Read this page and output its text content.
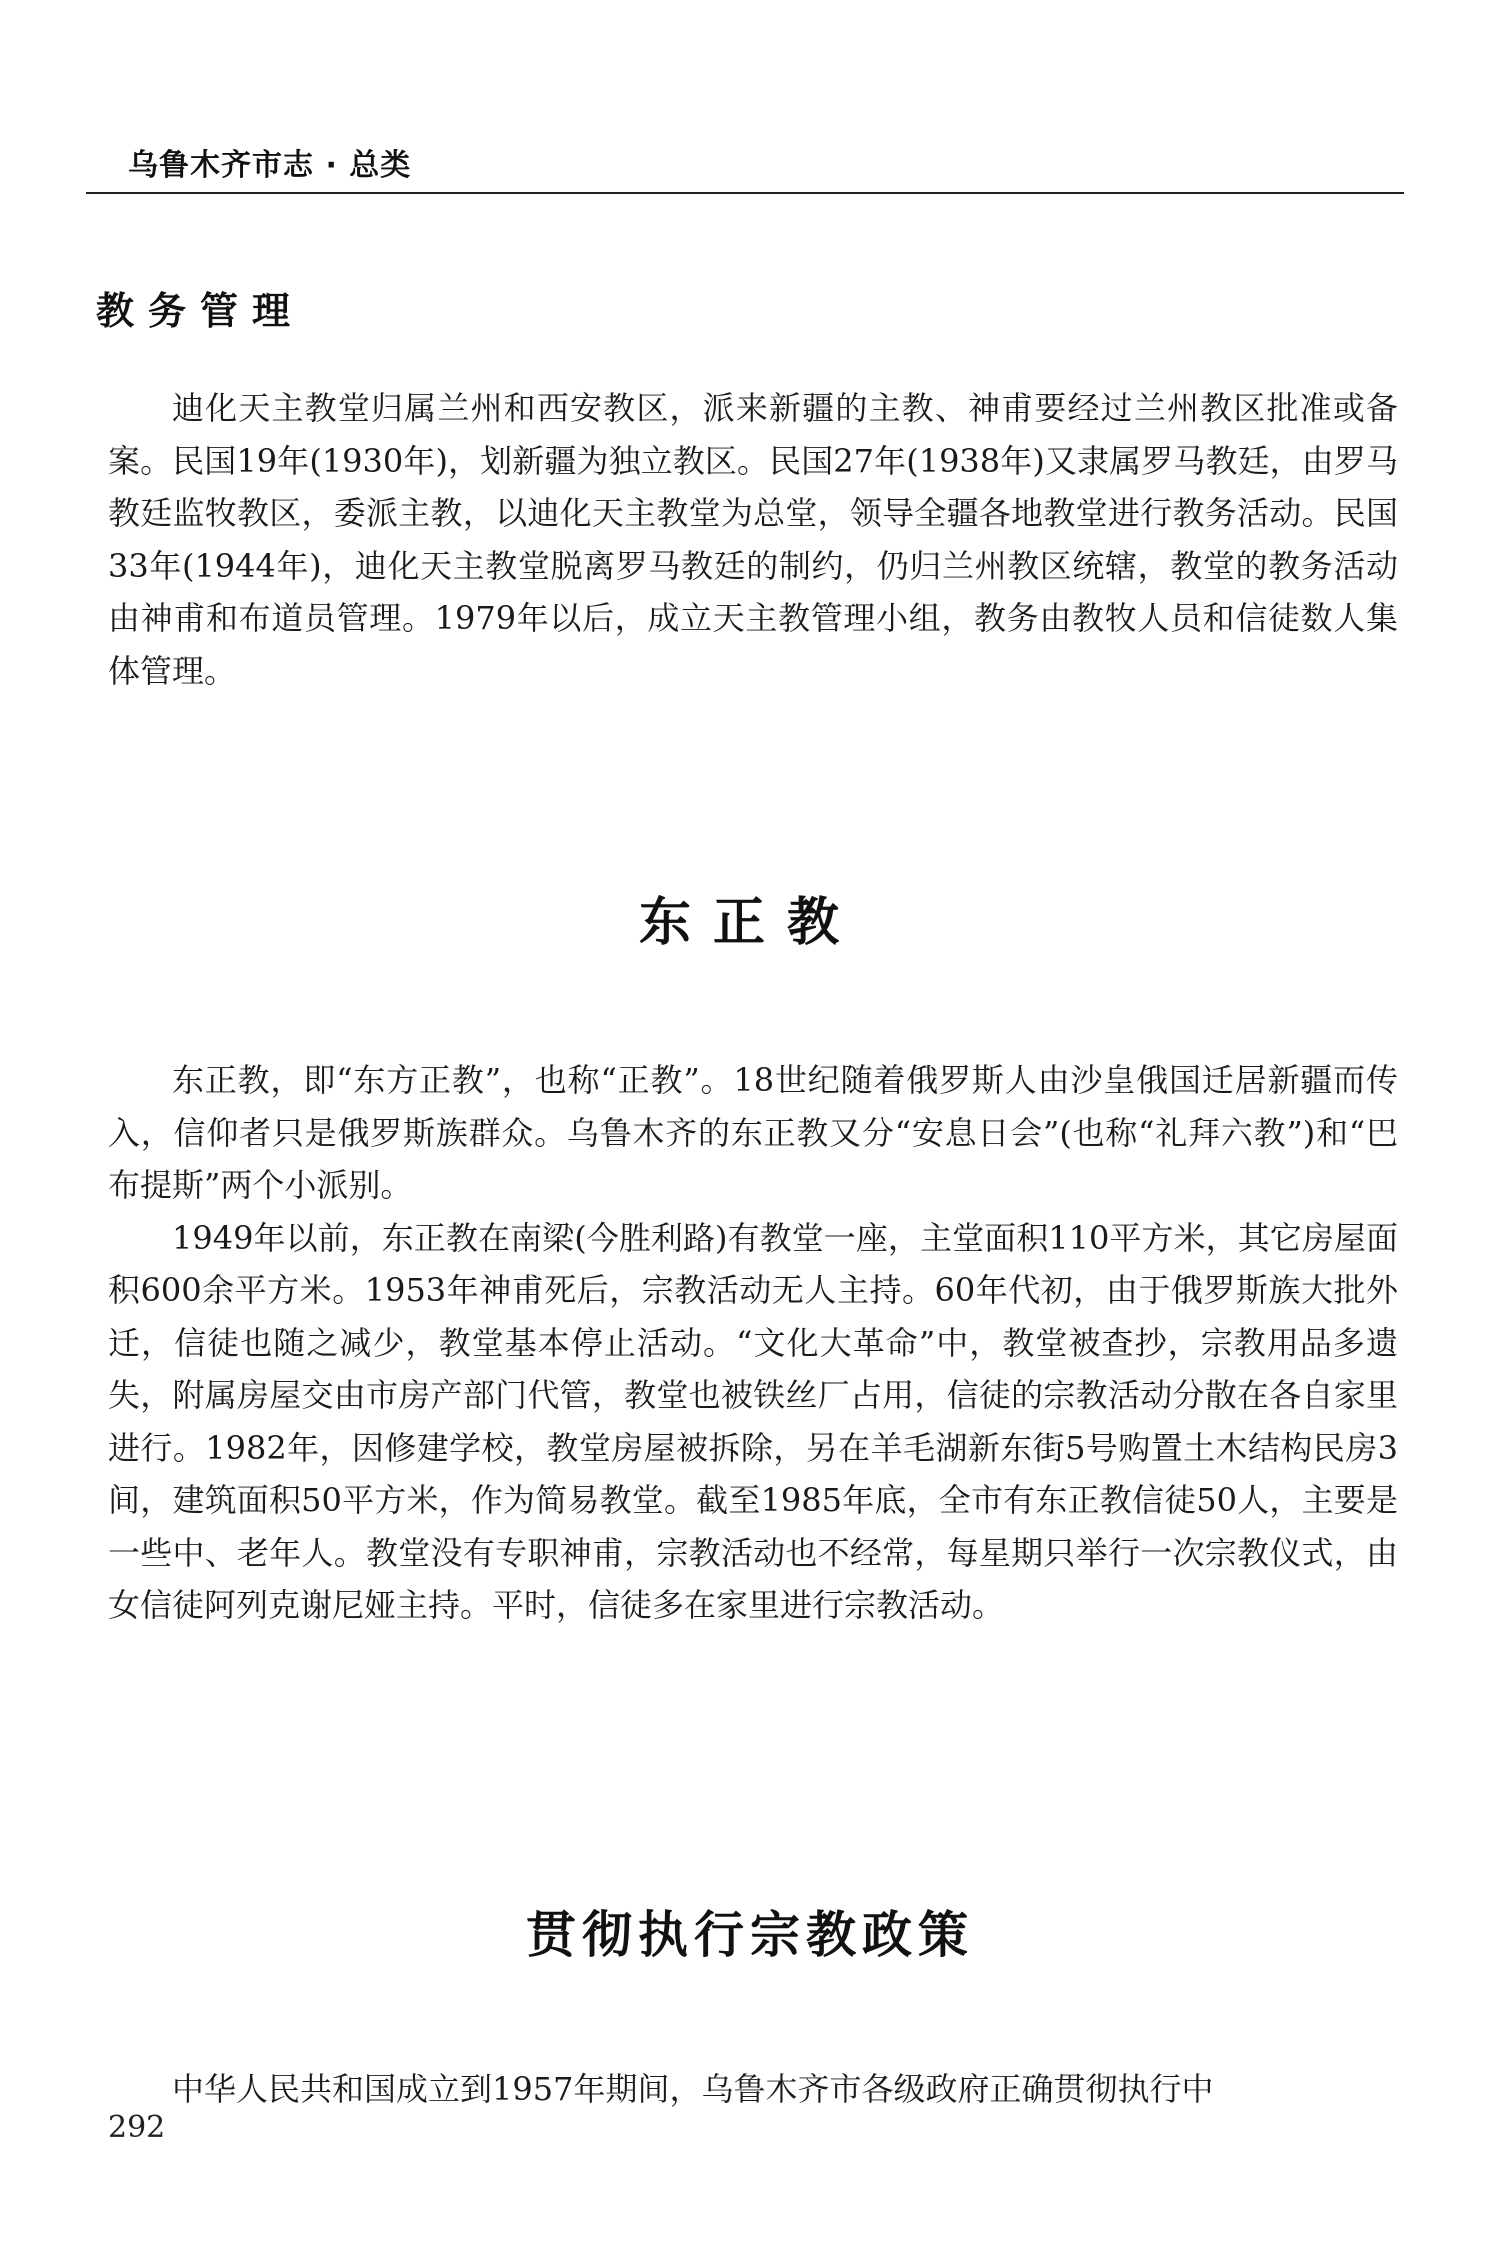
乌鲁木齐市志 · 总类
教务管理

迪化天主教堂归属兰州和西安教区，派来新疆的主教、神甫要经过兰州教区批准或备案。民国19年(1930年)，划新疆为独立教区。民国27年(1938年)又隶属罗马教廷，由罗马教廷监牧教区，委派主教，以迪化天主教堂为总堂，领导全疆各地教堂进行教务活动。民国33年(1944年)，迪化天主教堂脱离罗马教廷的制约，仍归兰州教区统辖，教堂的教务活动由神甫和布道员管理。1979年以后，成立天主教管理小组，教务由教牧人员和信徒数人集体管理。

东正教

东正教，即“东方正教”，也称“正教”。18世纪随着俄罗斯人由沙皇俄国迁居新疆而传入，信仰者只是俄罗斯族群众。乌鲁木齐的东正教又分“安息日会”(也称“礼拜六教”)和“巴布提斯”两个小派别。

1949年以前，东正教在南梁(今胜利路)有教堂一座，主堂面积110平方米，其它房屋面积600余平方米。1953年神甫死后，宗教活动无人主持。60年代初，由于俄罗斯族大批外迁，信徒也随之减少，教堂基本停止活动。“文化大革命”中，教堂被查抄，宗教用品多遗失，附属房屋交由市房产部门代管，教堂也被铁丝厂占用，信徒的宗教活动分散在各自家里进行。1982年，因修建学校，教堂房屋被拆除，另在羊毛湖新东街5号购置土木结构民房3间，建筑面积50平方米，作为简易教堂。截至1985年底，全市有东正教信徒50人，主要是一些中、老年人。教堂没有专职神甫，宗教活动也不经常，每星期只举行一次宗教仪式，由女信徒阿列克谢尼娅主持。平时，信徒多在家里进行宗教活动。

贯彻执行宗教政策

中华人民共和国成立到1957年期间，乌鲁木齐市各级政府正确贯彻执行中

292
